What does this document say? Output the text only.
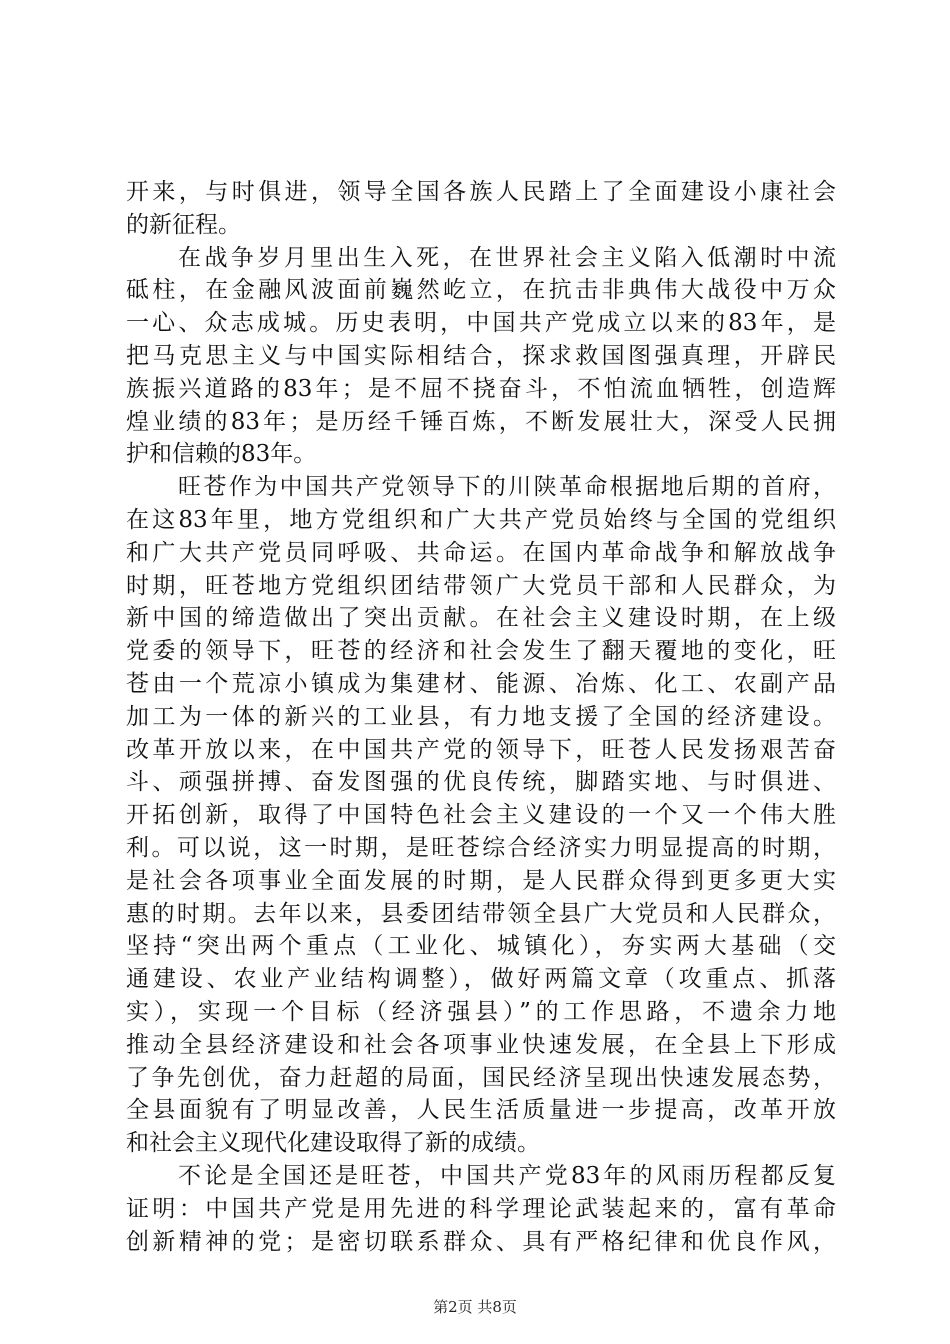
开来，与时俱进，领导全国各族人民踏上了全面建设小康社会
的新征程。
在战争岁月里出生入死，在世界社会主义陷入低潮时中流
砥柱，在金融风波面前巍然屹立，在抗击非典伟大战役中万众
一心、众志成城。历史表明，中国共产党成立以来的83年，是
把马克思主义与中国实际相结合，探求救国图强真理，开辟民
族振兴道路的83年；是不屈不挠奋斗，不怕流血牺牲，创造辉
煌业绩的83年；是历经千锤百炼，不断发展壮大，深受人民拥
护和信赖的83年。
旺苍作为中国共产党领导下的川陕革命根据地后期的首府，
在这83年里，地方党组织和广大共产党员始终与全国的党组织
和广大共产党员同呼吸、共命运。在国内革命战争和解放战争
时期，旺苍地方党组织团结带领广大党员干部和人民群众，为
新中国的缔造做出了突出贡献。在社会主义建设时期，在上级
党委的领导下，旺苍的经济和社会发生了翻天覆地的变化，旺
苍由一个荒凉小镇成为集建材、能源、冶炼、化工、农副产品
加工为一体的新兴的工业县，有力地支援了全国的经济建设。
改革开放以来，在中国共产党的领导下，旺苍人民发扬艰苦奋
斗、顽强拼搏、奋发图强的优良传统，脚踏实地、与时俱进、
开拓创新，取得了中国特色社会主义建设的一个又一个伟大胜
利。可以说，这一时期，是旺苍综合经济实力明显提高的时期，
是社会各项事业全面发展的时期，是人民群众得到更多更大实
惠的时期。去年以来，县委团结带领全县广大党员和人民群众，
坚持“突出两个重点（工业化、城镇化），夯实两大基础（交
通建设、农业产业结构调整），做好两篇文章（攻重点、抓落
实），实现一个目标（经济强县）”的工作思路，不遗余力地
推动全县经济建设和社会各项事业快速发展，在全县上下形成
了争先创优，奋力赶超的局面，国民经济呈现出快速发展态势，
全县面貌有了明显改善，人民生活质量进一步提高，改革开放
和社会主义现代化建设取得了新的成绩。
不论是全国还是旺苍，中国共产党83年的风雨历程都反复
证明：中国共产党是用先进的科学理论武装起来的，富有革命
创新精神的党；是密切联系群众、具有严格纪律和优良作风，
第2页 共8页
